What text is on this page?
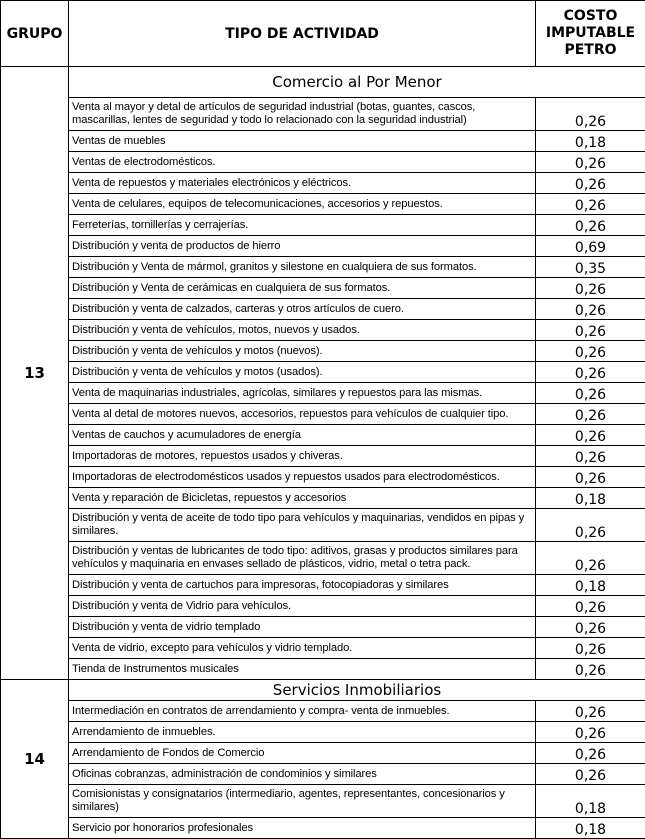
GRUPO	TIPO DE ACTIVIDAD	COSTO
IMPUTABLE
PETRO

13	Comercio al Por Menor	
	Venta al mayor y detal de artículos de seguridad industrial (botas, guantes, cascos, mascarillas, lentes de seguridad y todo lo relacionado con la seguridad industrial)	0,26
	Ventas de muebles	0,18
	Ventas de electrodomésticos.	0,26
	Venta de repuestos y materiales electrónicos y eléctricos.	0,26
	Venta de celulares, equipos de telecomunicaciones, accesorios y repuestos.	0,26
	Ferreterías, tornillerías y cerrajerías.	0,26
	Distribución y venta de productos de hierro	0,69
	Distribución y Venta de mármol, granitos y silestone en cualquiera de sus formatos.	0,35
	Distribución y Venta de cerámicas en cualquiera de sus formatos.	0,26
	Distribución y venta de calzados, carteras y otros artículos de cuero.	0,26
	Distribución y venta de vehículos, motos, nuevos y usados.	0,26
	Distribución y venta de vehículos y motos (nuevos).	0,26
	Distribución y venta de vehículos y motos (usados).	0,26
	Venta de maquinarias industriales, agrícolas, similares y repuestos para las mismas.	0,26
	Venta al detal de motores nuevos, accesorios, repuestos para vehículos de cualquier tipo.	0,26
	Ventas de cauchos y acumuladores de energía	0,26
	Importadoras de motores, repuestos usados y chiveras.	0,26
	Importadoras de electrodomésticos usados y repuestos usados para electrodomésticos.	0,26
	Venta y reparación de Bicicletas, repuestos y accesorios	0,18
	Distribución y venta de aceite de todo tipo para vehículos y maquinarias, vendidos en pipas y similares.	0,26
	Distribución y ventas de lubricantes de todo tipo: aditivos, grasas y productos similares para vehículos y maquinaria en envases sellado de plásticos, vidrio, metal o tetra pack.	0,26
	Distribución y venta de cartuchos para impresoras, fotocopiadoras y similares	0,18
	Distribución y venta de Vidrio para vehículos.	0,26
	Distribución y venta de vidrio templado	0,26
	Venta de vidrio, excepto para vehículos y vidrio templado.	0,26
	Tienda de Instrumentos musicales	0,26
14	Servicios Inmobiliarios	
	Intermediación en contratos de arrendamiento y compra- venta de inmuebles.	0,26
	Arrendamiento de inmuebles.	0,26
	Arrendamiento de Fondos de Comercio	0,26
	Oficinas cobranzas, administración de condominios y similares	0,26
	Comisionistas y consignatarios (intermediario, agentes, representantes, concesionarios y similares)	0,18
	Servicio por honorarios profesionales	0,18
